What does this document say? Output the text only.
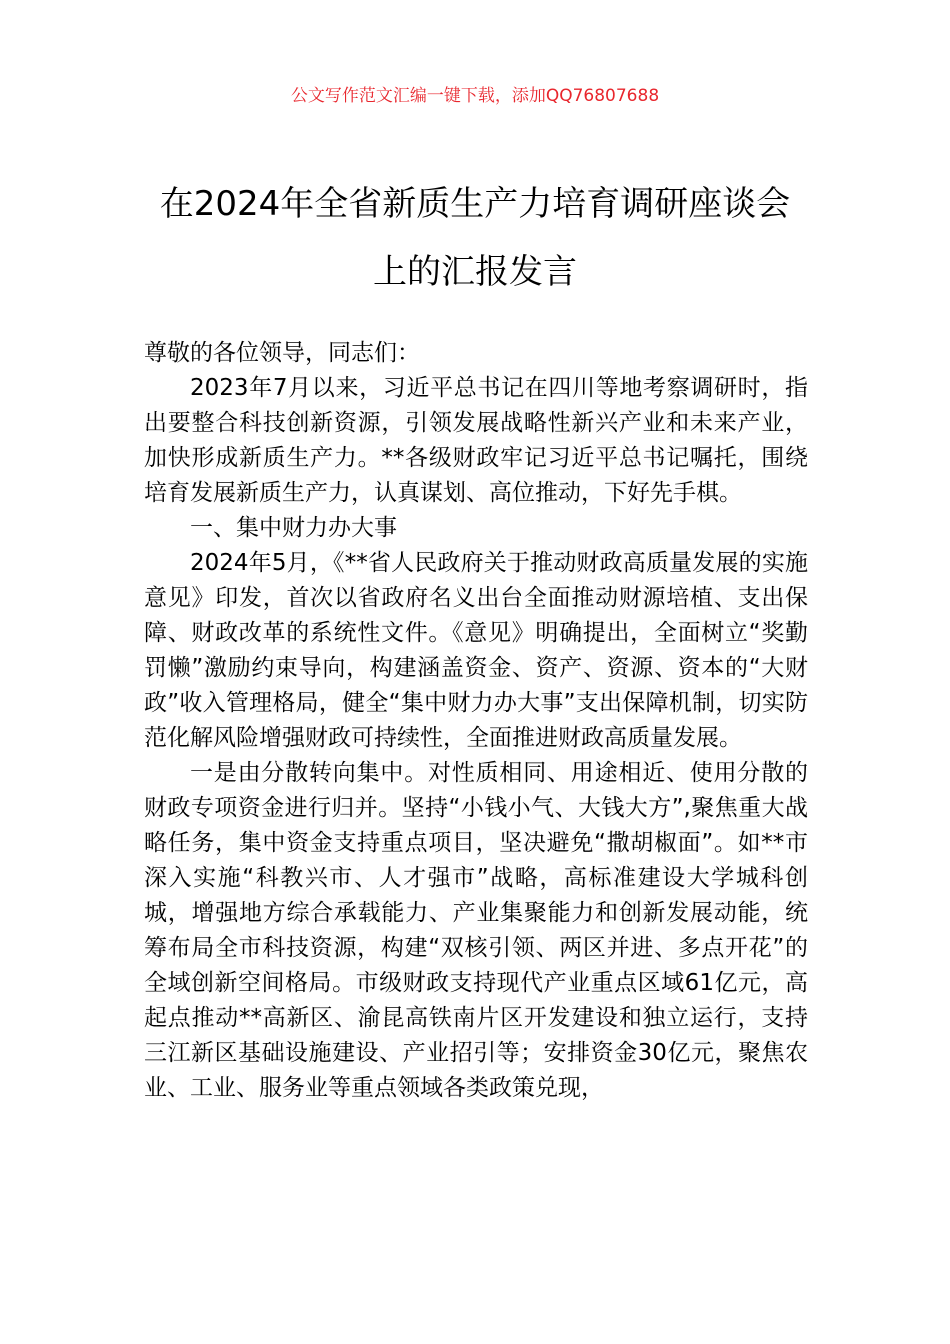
公文写作范文汇编一键下载，添加QQ76807688
在2024年全省新质生产力培育调研座谈会
上的汇报发言

尊敬的各位领导，同志们：

2023年7月以来，习近平总书记在四川等地考察调研时，指出要整合科技创新资源，引领发展战略性新兴产业和未来产业，加快形成新质生产力。**各级财政牢记习近平总书记嘱托，围绕培育发展新质生产力，认真谋划、高位推动，下好先手棋。

一、集中财力办大事

2024年5月，《**省人民政府关于推动财政高质量发展的实施意见》印发，首次以省政府名义出台全面推动财源培植、支出保障、财政改革的系统性文件。《意见》明确提出，全面树立“奖勤罚懒”激励约束导向，构建涵盖资金、资产、资源、资本的“大财政”收入管理格局，健全“集中财力办大事”支出保障机制，切实防范化解风险增强财政可持续性，全面推进财政高质量发展。

一是由分散转向集中。对性质相同、用途相近、使用分散的财政专项资金进行归并。坚持“小钱小气、大钱大方”,聚焦重大战略任务，集中资金支持重点项目，坚决避免“撒胡椒面”。如**市深入实施“科教兴市、人才强市”战略，高标准建设大学城科创城，增强地方综合承载能力、产业集聚能力和创新发展动能，统筹布局全市科技资源，构建“双核引领、两区并进、多点开花”的全域创新空间格局。市级财政支持现代产业重点区域61亿元，高起点推动**高新区、渝昆高铁南片区开发建设和独立运行，支持三江新区基础设施建设、产业招引等；安排资金30亿元，聚焦农业、工业、服务业等重点领域各类政策兑现，
